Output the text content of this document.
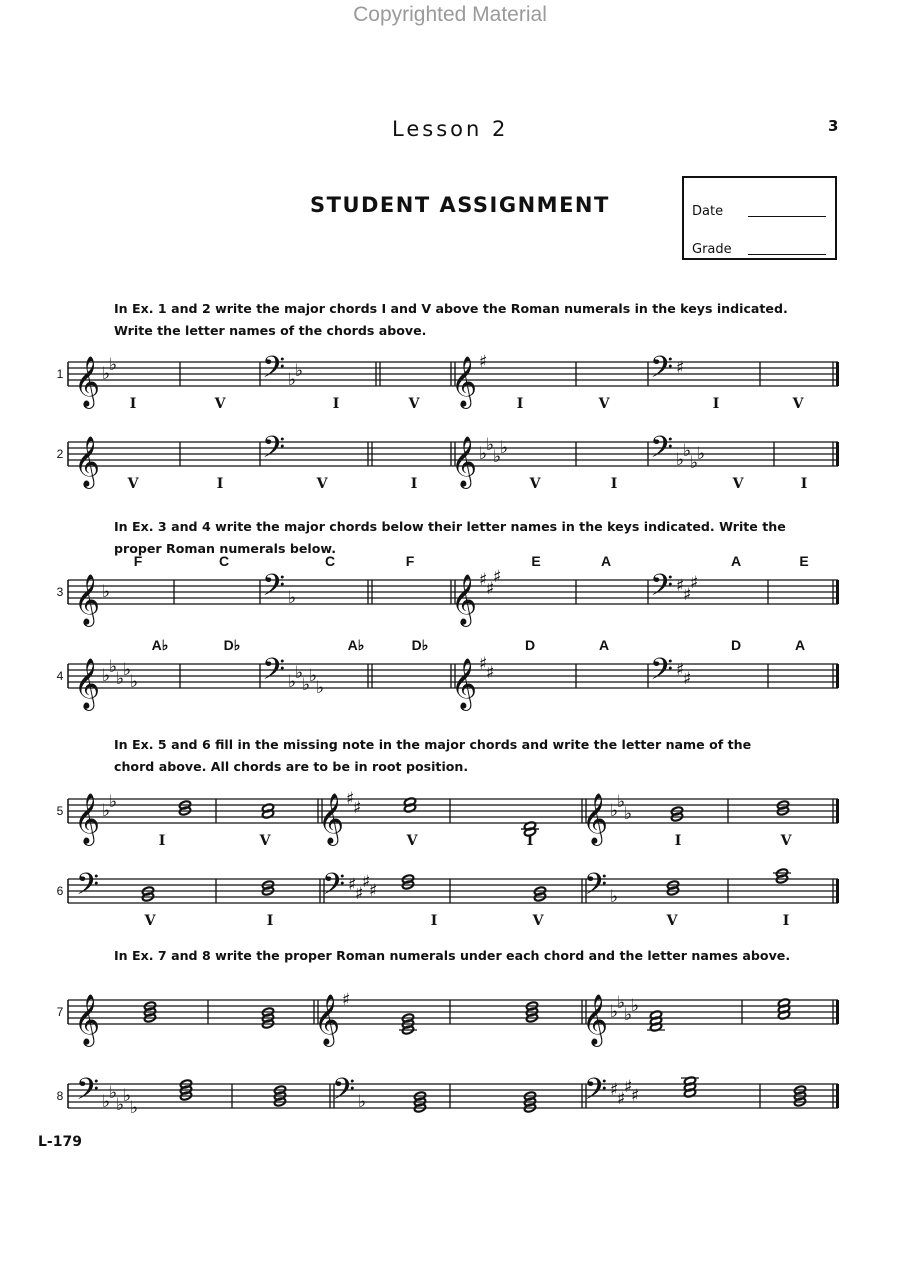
Copyrighted Material
Lesson 2	3
STUDENT ASSIGNMENT	Date
Grade
In Ex. 1 and 2 write the major chords I and V above the Roman numerals in the keys indicated. Write the letter names of the chords above.
In Ex. 3 and 4 write the major chords below their letter names in the keys indicated. Write the proper Roman numerals below.
In Ex. 5 and 6 fill in the missing note in the major chords and write the letter name of the chord above. All chords are to be in root position.
In Ex. 7 and 8 write the proper Roman numerals under each chord and the letter names above.
1 𝄞 ♭
♭	𝄢 ♭
♭	𝄞 ♯	𝄢 ♯
I	V	I	V	I	V	I	V
2 𝄞	𝄢	𝄞 ♭
♭
♭
♭	𝄢 ♭
♭
♭
♭
V	I	V	I	V	I	V	I
3 𝄞 ♭	𝄢 ♭	𝄞 ♯
♯
♯	𝄢 ♯
♯
♯
F	C	C	F	E	A	A	E
4 𝄞 ♭
♭
♭
♭
♭	𝄢 ♭
♭
♭
♭
♭	𝄞 ♯
♯	𝄢 ♯
♯
A♭	D♭	A♭	D♭	D	A	D	A
5 𝄞 ♭
♭	𝄞 ♯
♯	𝄞 ♭
♭
♭
I	V	V	I	I	V
6 𝄢	𝄢 ♯
♯
♯
♯	𝄢 ♭
V	I	I	V	V	I
7 𝄞	𝄞 ♯	𝄞 ♭
♭
♭
♭
8 𝄢 ♭
♭
♭
♭
♭	𝄢 ♭	𝄢 ♯
♯
♯
♯
L-179
